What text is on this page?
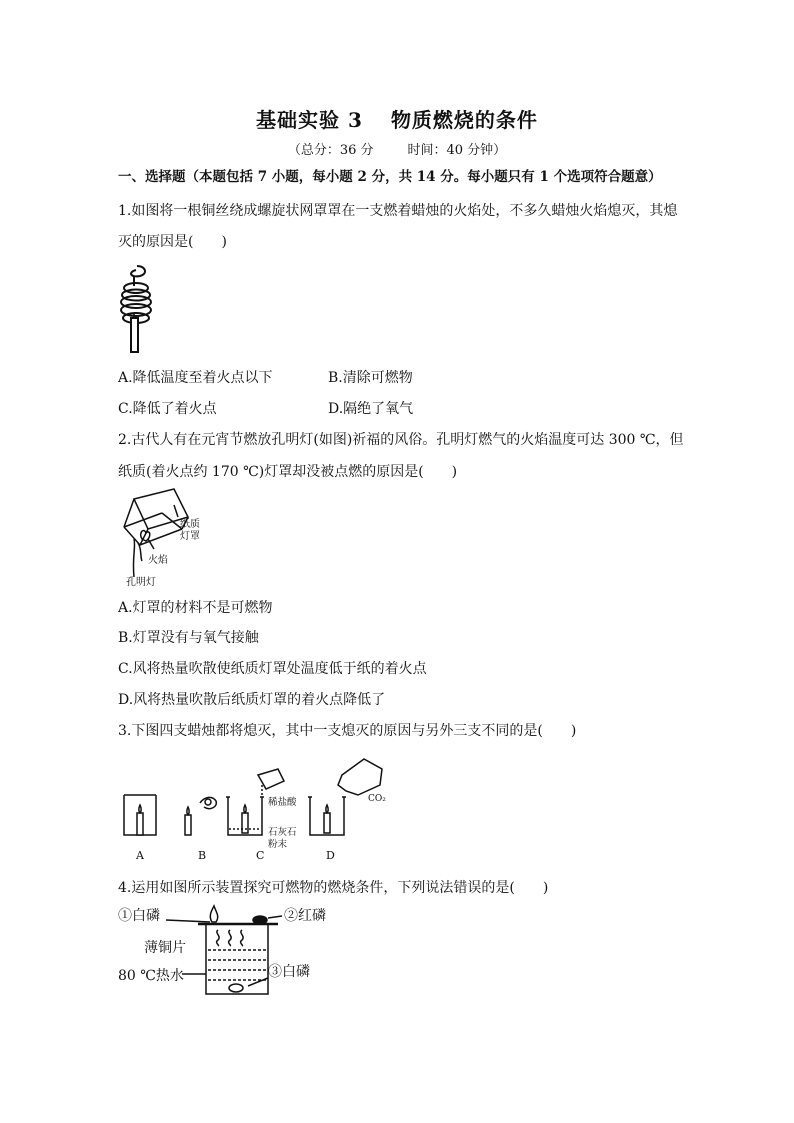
基础实验 3 物质燃烧的条件
（总分：36 分	时间：40 分钟）
一、选择题（本题包括 7 小题，每小题 2 分，共 14 分。每小题只有 1 个选项符合题意）
1.如图将一根铜丝绕成螺旋状网罩罩在一支燃着蜡烛的火焰处，不多久蜡烛火焰熄灭，其熄
灭的原因是(　　)
A.降低温度至着火点以下	B.清除可燃物
C.降低了着火点	D.隔绝了氧气
2.古代人有在元宵节燃放孔明灯(如图)祈福的风俗。孔明灯燃气的火焰温度可达 300 ℃，但
纸质(着火点约 170 ℃)灯罩却没被点燃的原因是(　　)
纸质
灯罩
火焰
孔明灯
A.灯罩的材料不是可燃物
B.灯罩没有与氧气接触
C.风将热量吹散使纸质灯罩处温度低于纸的着火点
D.风将热量吹散后纸质灯罩的着火点降低了
3.下图四支蜡烛都将熄灭，其中一支熄灭的原因与另外三支不同的是(　　)
稀盐酸
石灰石
粉末
CO₂
A	B	C	D
4.运用如图所示装置探究可燃物的燃烧条件，下列说法错误的是(　　)
①白磷	②红磷
薄铜片
80 ℃热水	③白磷
